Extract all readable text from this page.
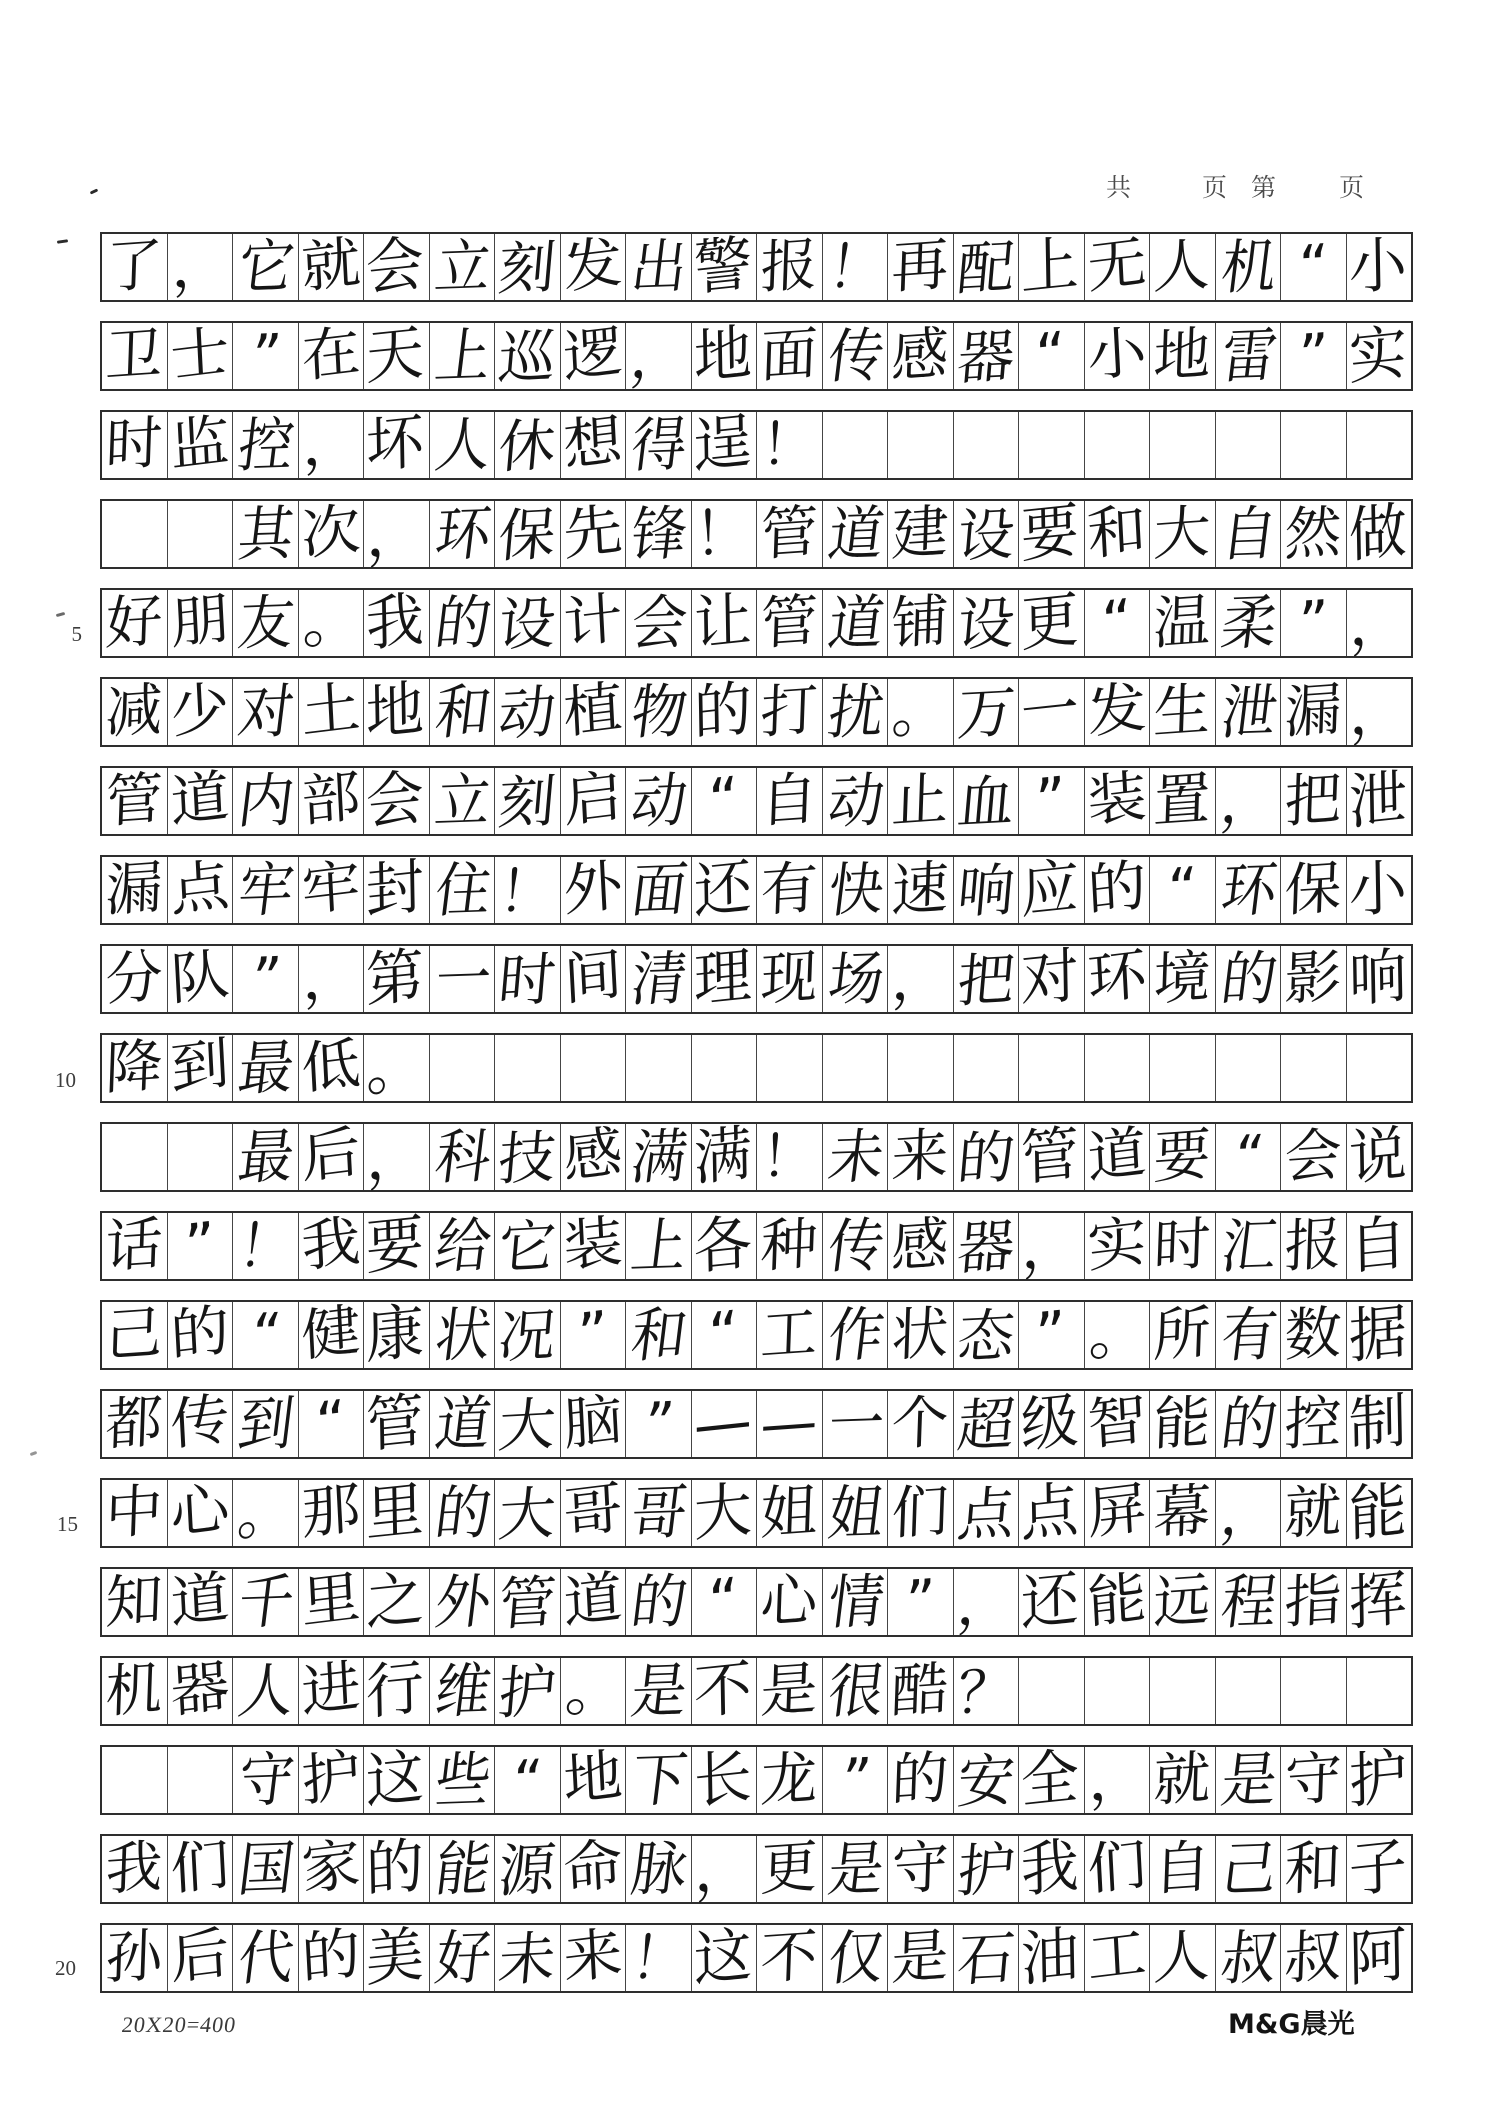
共	页 第	页
了 ， 它 就 会 立 刻 发 出 警 报 ！ 再 配 上 无 人 机 “ 小
卫 士 ” 在 天 上 巡 逻 ， 地 面 传 感 器 “ 小 地 雷 ” 实
时 监 控 ， 坏 人 休 想 得 逞 ！
其 次 ， 环 保 先 锋 ！ 管 道 建 设 要 和 大 自 然 做
好 朋 友 。 我 的 设 计 会 让 管 道 铺 设 更 “ 温 柔 ” ，
减 少 对 土 地 和 动 植 物 的 打 扰 。 万 一 发 生 泄 漏 ，
管 道 内 部 会 立 刻 启 动 “ 自 动 止 血 ” 装 置 ， 把 泄
漏 点 牢 牢 封 住 ！ 外 面 还 有 快 速 响 应 的 “ 环 保 小
分 队 ” ， 第 一 时 间 清 理 现 场 ， 把 对 环 境 的 影 响
降 到 最 低 。
最 后 ， 科 技 感 满 满 ！ 未 来 的 管 道 要 “ 会 说
话 ” ！ 我 要 给 它 装 上 各 种 传 感 器 ， 实 时 汇 报 自
己 的 “ 健 康 状 况 ” 和 “ 工 作 状 态 ” 。 所 有 数 据
都 传 到 “ 管 道 大 脑 ” — — 一 个 超 级 智 能 的 控 制
中 心 。 那 里 的 大 哥 哥 大 姐 姐 们 点 点 屏 幕 ， 就 能
知 道 千 里 之 外 管 道 的 “ 心 情 ” ， 还 能 远 程 指 挥
机 器 人 进 行 维 护 。 是 不 是 很 酷 ？
守 护 这 些 “ 地 下 长 龙 ” 的 安 全 ， 就 是 守 护
我 们 国 家 的 能 源 命 脉 ， 更 是 守 护 我 们 自 己 和 子
孙 后 代 的 美 好 未 来 ！ 这 不 仅 是 石 油 工 人 叔 叔 阿
5
10
15
20
20X20=400	M&G晨光
